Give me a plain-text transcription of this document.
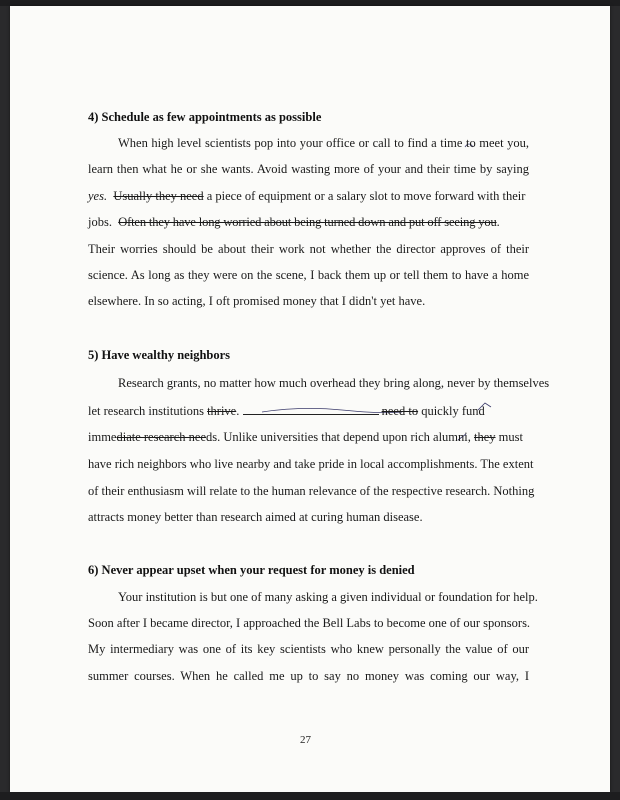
4) Schedule as few appointments as possible
When high level scientists pop into your office or call to find a time to meet you,
learn then what he or she wants. Avoid wasting more of your and their time by saying
yes. Usually they need a piece of equipment or a salary slot to move forward with their
jobs. Often they have long worried about being turned down and put off seeing you.
Their worries should be about their work not whether the director approves of their
science. As long as they were on the scene, I back them up or tell them to have a home
elsewhere. In so acting, I oft promised money that I didn't yet have.
5) Have wealthy neighbors
Research grants, no matter how much overhead they bring along, never by themselves
let research institutions thrive.	need to quickly fund
immediate research needs. Unlike universities that depend upon rich alumni, they must
have rich neighbors who live nearby and take pride in local accomplishments. The extent
of their enthusiasm will relate to the human relevance of the respective research. Nothing
attracts money better than research aimed at curing human disease.
6) Never appear upset when your request for money is denied
Your institution is but one of many asking a given individual or foundation for help.
Soon after I became director, I approached the Bell Labs to become one of our sponsors.
My intermediary was one of its key scientists who knew personally the value of our
summer courses. When he called me up to say no money was coming our way, I
27
